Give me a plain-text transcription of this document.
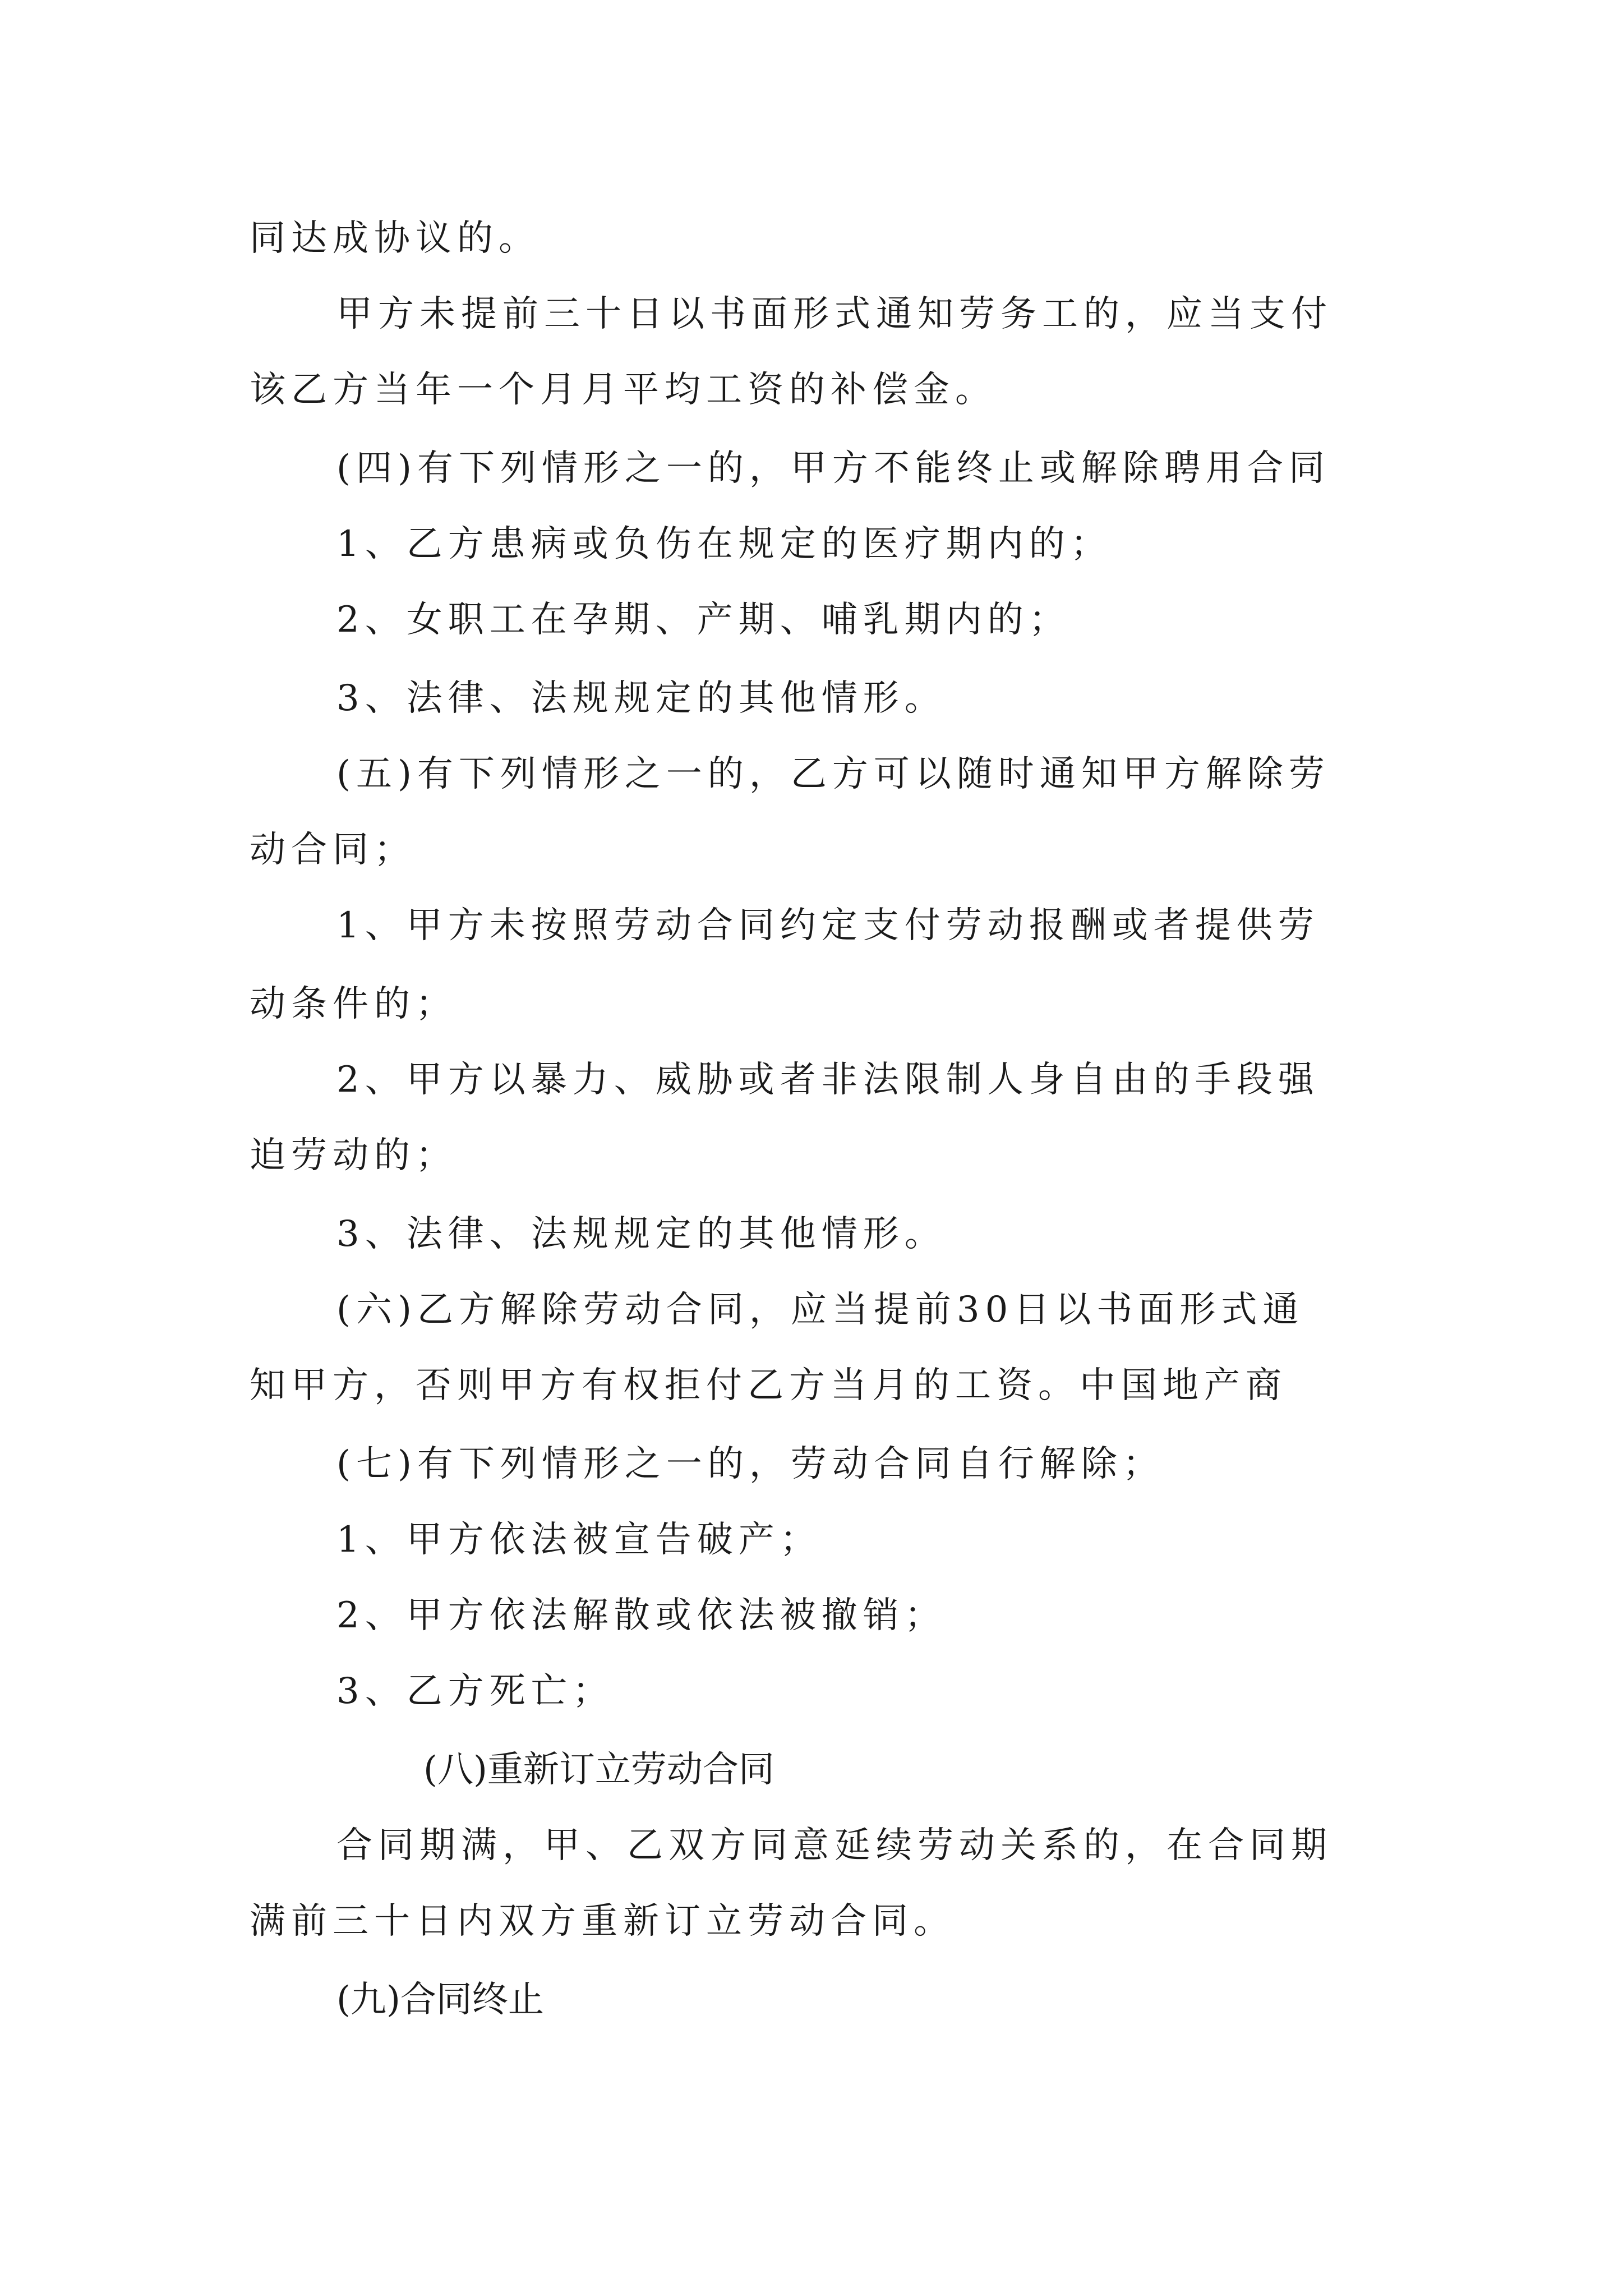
同达成协议的。

甲方未提前三十日以书面形式通知劳务工的，应当支付

该乙方当年一个月月平均工资的补偿金。

(四)有下列情形之一的，甲方不能终止或解除聘用合同

1、乙方患病或负伤在规定的医疗期内的；

2、女职工在孕期、产期、哺乳期内的；

3、法律、法规规定的其他情形。

(五)有下列情形之一的，乙方可以随时通知甲方解除劳

动合同；

1、甲方未按照劳动合同约定支付劳动报酬或者提供劳

动条件的；

2、甲方以暴力、威胁或者非法限制人身自由的手段强

迫劳动的；

3、法律、法规规定的其他情形。

(六)乙方解除劳动合同，应当提前30日以书面形式通

知甲方，否则甲方有权拒付乙方当月的工资。中国地产商

(七)有下列情形之一的，劳动合同自行解除；

1、甲方依法被宣告破产；

2、甲方依法解散或依法被撤销；

3、乙方死亡；

(八)重新订立劳动合同

合同期满，甲、乙双方同意延续劳动关系的，在合同期

满前三十日内双方重新订立劳动合同。

(九)合同终止
